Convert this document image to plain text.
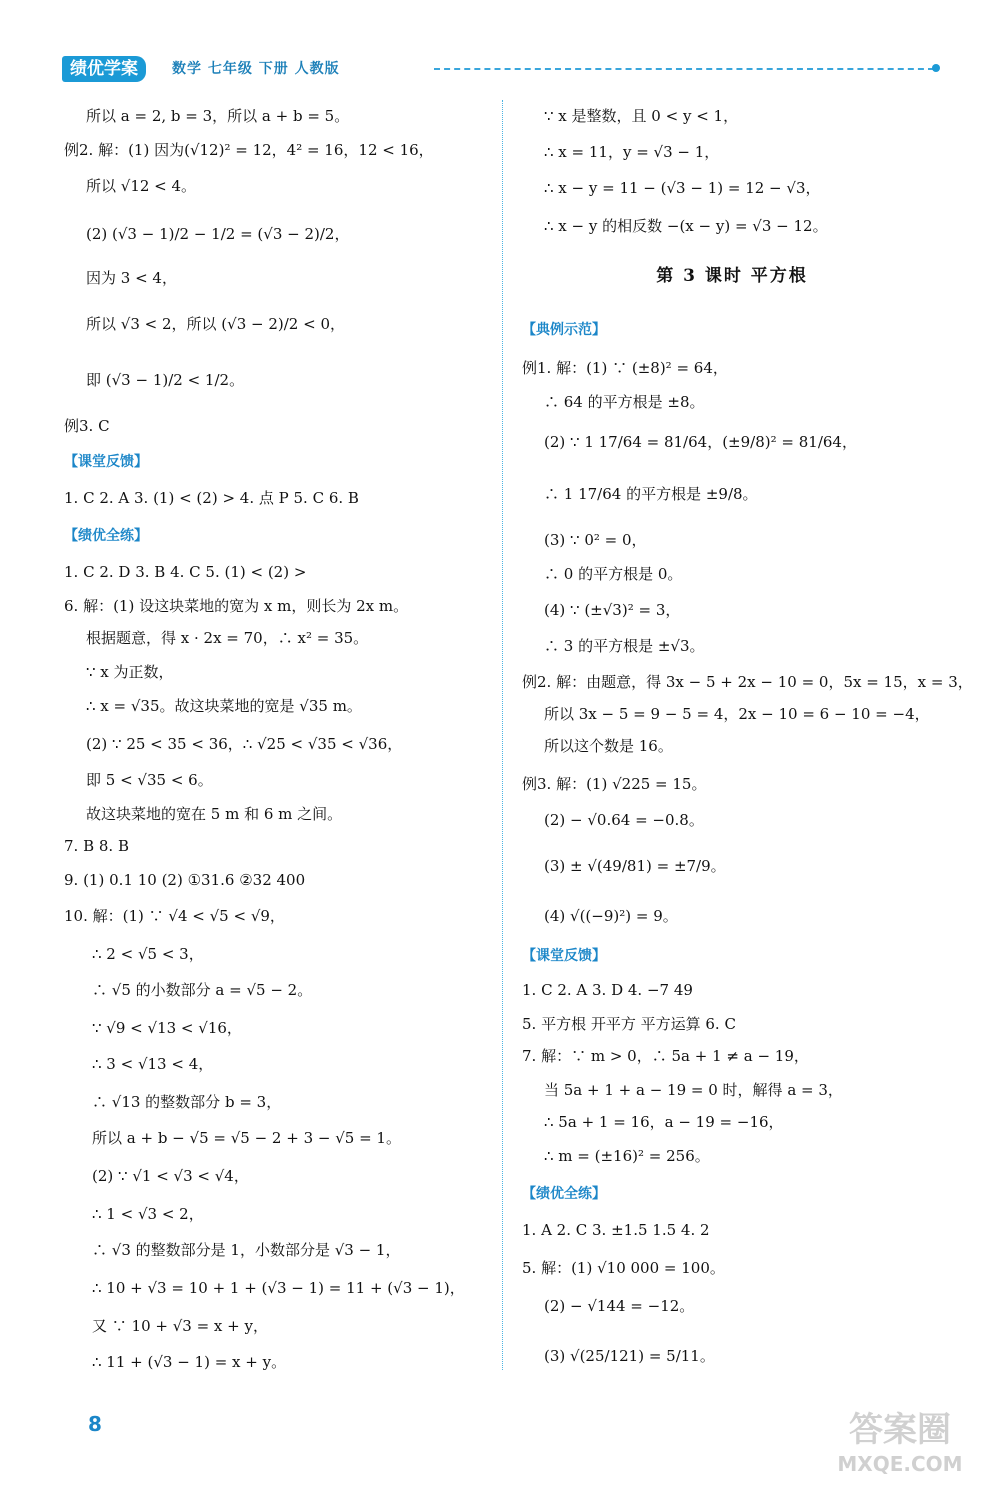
绩优学案	数学 七年级 下册 人教版
所以 a = 2, b = 3，所以 a + b = 5。
例2. 解：(1) 因为(√12)² = 12，4² = 16，12 < 16，
所以 √12 < 4。
(2) (√3 − 1)/2 − 1/2 = (√3 − 2)/2，
因为 3 < 4，
所以 √3 < 2，所以 (√3 − 2)/2 < 0，
即 (√3 − 1)/2 < 1/2。
例3. C
【课堂反馈】
1. C 2. A 3. (1) < (2) > 4. 点 P 5. C 6. B
【绩优全练】
1. C 2. D 3. B 4. C 5. (1) < (2) >
6. 解：(1) 设这块菜地的宽为 x m，则长为 2x m。
根据题意，得 x · 2x = 70，∴ x² = 35。
∵ x 为正数，
∴ x = √35。故这块菜地的宽是 √35 m。
(2) ∵ 25 < 35 < 36，∴ √25 < √35 < √36，
即 5 < √35 < 6。
故这块菜地的宽在 5 m 和 6 m 之间。
7. B 8. B
9. (1) 0.1 10 (2) ①31.6 ②32 400
10. 解：(1) ∵ √4 < √5 < √9，
∴ 2 < √5 < 3，
∴ √5 的小数部分 a = √5 − 2。
∵ √9 < √13 < √16，
∴ 3 < √13 < 4，
∴ √13 的整数部分 b = 3，
所以 a + b − √5 = √5 − 2 + 3 − √5 = 1。
(2) ∵ √1 < √3 < √4，
∴ 1 < √3 < 2，
∴ √3 的整数部分是 1，小数部分是 √3 − 1，
∴ 10 + √3 = 10 + 1 + (√3 − 1) = 11 + (√3 − 1)，
又 ∵ 10 + √3 = x + y，
∴ 11 + (√3 − 1) = x + y。
∵ x 是整数，且 0 < y < 1，
∴ x = 11，y = √3 − 1，
∴ x − y = 11 − (√3 − 1) = 12 − √3，
∴ x − y 的相反数 −(x − y) = √3 − 12。
第 3 课时 平方根
【典例示范】
例1. 解：(1) ∵ (±8)² = 64，
∴ 64 的平方根是 ±8。
(2) ∵ 1 17/64 = 81/64，(±9/8)² = 81/64，
∴ 1 17/64 的平方根是 ±9/8。
(3) ∵ 0² = 0，
∴ 0 的平方根是 0。
(4) ∵ (±√3)² = 3，
∴ 3 的平方根是 ±√3。
例2. 解：由题意，得 3x − 5 + 2x − 10 = 0，5x = 15，x = 3，
所以 3x − 5 = 9 − 5 = 4，2x − 10 = 6 − 10 = −4，
所以这个数是 16。
例3. 解：(1) √225 = 15。
(2) − √0.64 = −0.8。
(3) ± √(49/81) = ±7/9。
(4) √((−9)²) = 9。
【课堂反馈】
1. C 2. A 3. D 4. −7 49
5. 平方根 开平方 平方运算 6. C
7. 解：∵ m > 0，∴ 5a + 1 ≠ a − 19，
当 5a + 1 + a − 19 = 0 时，解得 a = 3，
∴ 5a + 1 = 16，a − 19 = −16，
∴ m = (±16)² = 256。
【绩优全练】
1. A 2. C 3. ±1.5 1.5 4. 2
5. 解：(1) √10 000 = 100。
(2) − √144 = −12。
(3) √(25/121) = 5/11。
8	答案圈
MXQE.COM
